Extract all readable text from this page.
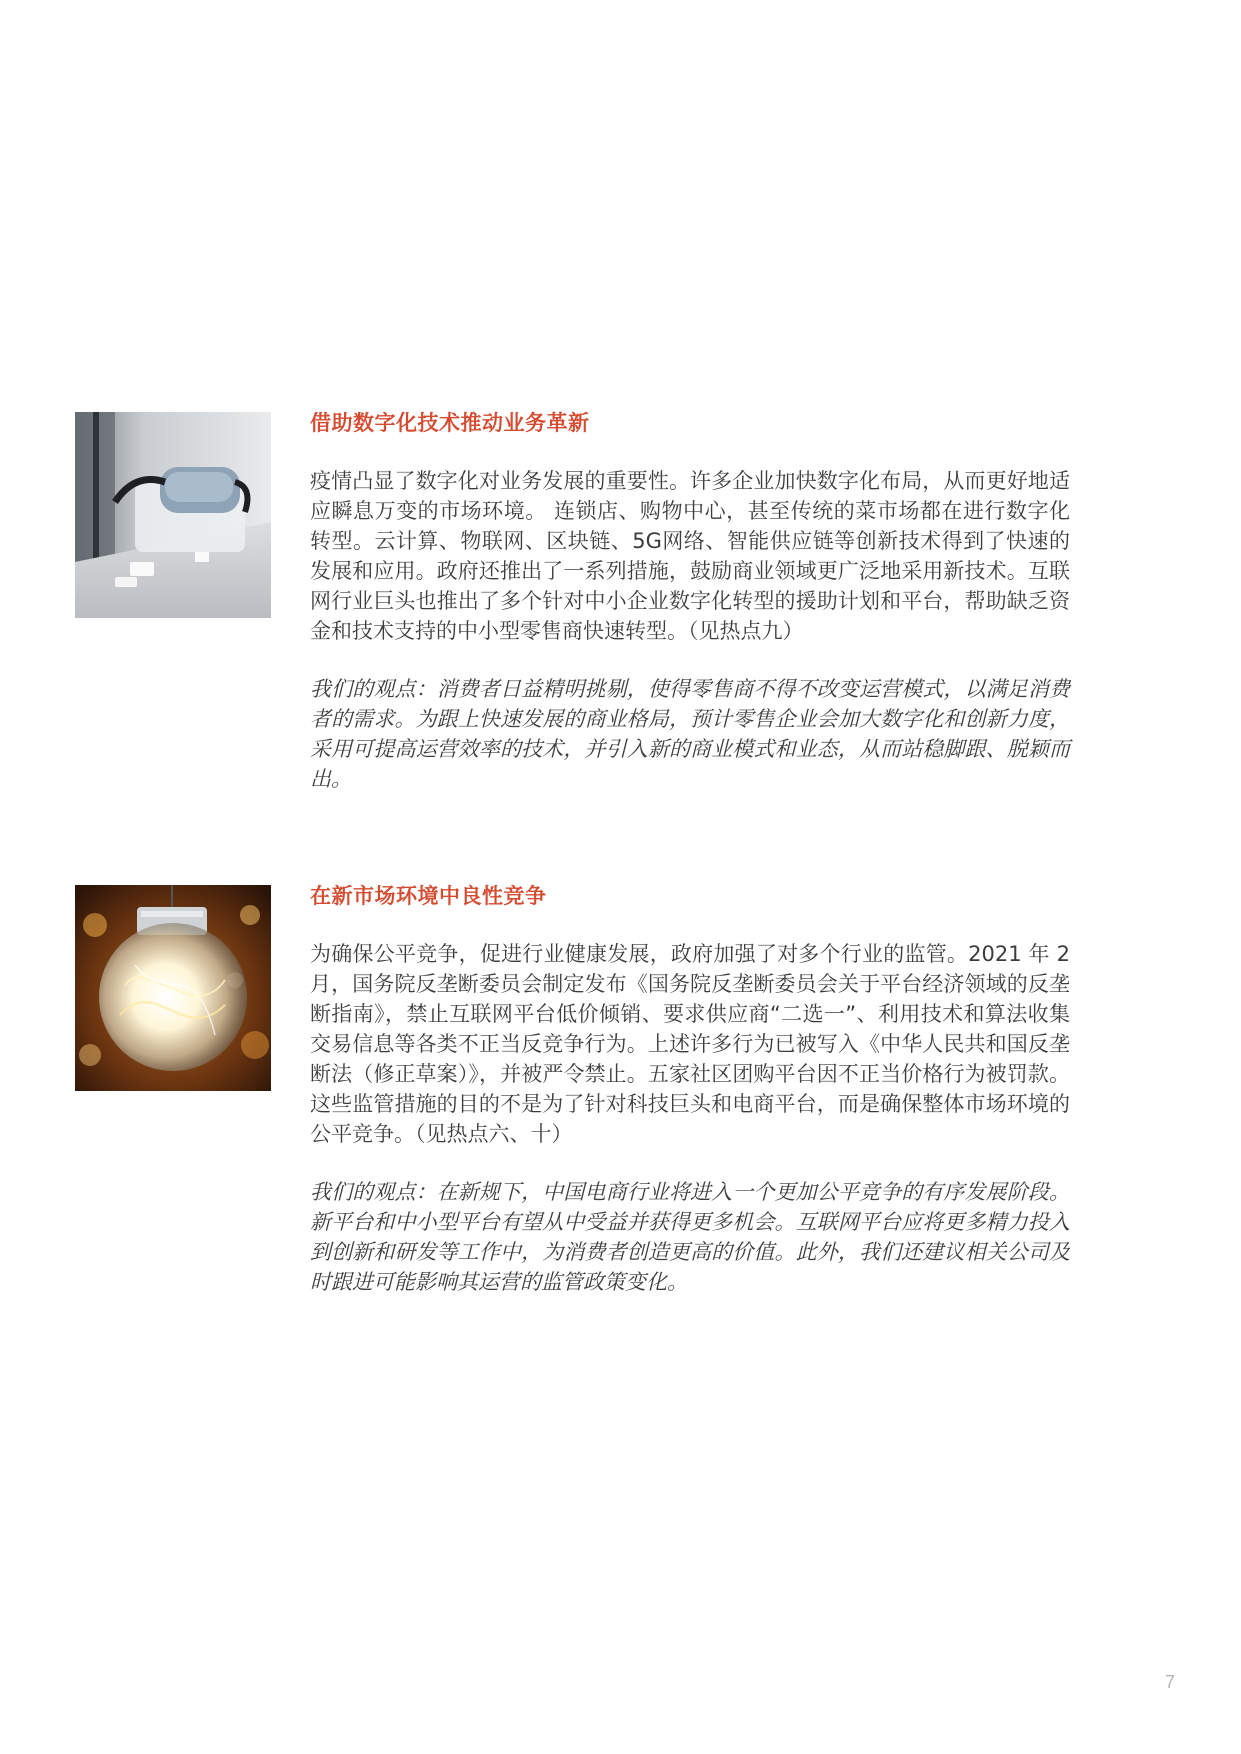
借助数字化技术推动业务革新

疫情凸显了数字化对业务发展的重要性。许多企业加快数字化布局，从而更好地适应瞬息万变的市场环境。 连锁店、购物中心，甚至传统的菜市场都在进行数字化转型。云计算、物联网、区块链、5G网络、智能供应链等创新技术得到了快速的发展和应用。政府还推出了一系列措施，鼓励商业领域更广泛地采用新技术。互联网行业巨头也推出了多个针对中小企业数字化转型的援助计划和平台，帮助缺乏资金和技术支持的中小型零售商快速转型。（见热点九）

我们的观点：消费者日益精明挑剔，使得零售商不得不改变运营模式，以满足消费者的需求。为跟上快速发展的商业格局，预计零售企业会加大数字化和创新力度，采用可提高运营效率的技术，并引入新的商业模式和业态，从而站稳脚跟、脱颖而出。

在新市场环境中良性竞争

为确保公平竞争，促进行业健康发展，政府加强了对多个行业的监管。2021 年 2 月，国务院反垄断委员会制定发布《国务院反垄断委员会关于平台经济领域的反垄断指南》，禁止互联网平台低价倾销、要求供应商“二选一”、利用技术和算法收集交易信息等各类不正当反竞争行为。上述许多行为已被写入《中华人民共和国反垄断法（修正草案）》，并被严令禁止。五家社区团购平台因不正当价格行为被罚款。这些监管措施的目的不是为了针对科技巨头和电商平台，而是确保整体市场环境的公平竞争。（见热点六、十）

我们的观点：在新规下，中国电商行业将进入一个更加公平竞争的有序发展阶段。新平台和中小型平台有望从中受益并获得更多机会。互联网平台应将更多精力投入到创新和研发等工作中，为消费者创造更高的价值。此外，我们还建议相关公司及时跟进可能影响其运营的监管政策变化。

7
